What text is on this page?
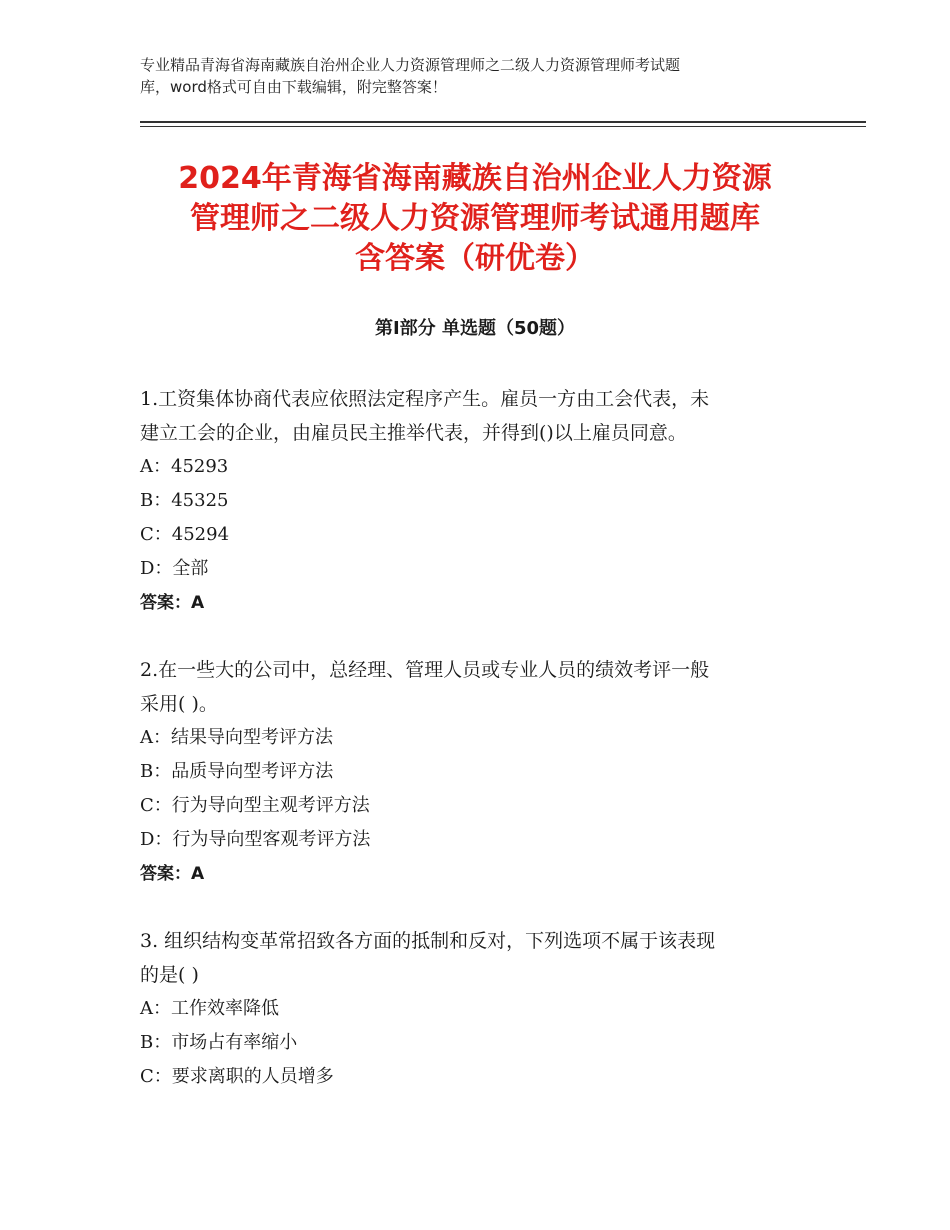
专业精品青海省海南藏族自治州企业人力资源管理师之二级人力资源管理师考试题
库，word格式可自由下载编辑，附完整答案！
2024年青海省海南藏族自治州企业人力资源
管理师之二级人力资源管理师考试通用题库
含答案（研优卷）
第Ⅰ部分 单选题（50题）
1.工资集体协商代表应依照法定程序产生。雇员一方由工会代表，未
建立工会的企业，由雇员民主推举代表，并得到()以上雇员同意。
A：45293
B：45325
C：45294
D：全部
答案：A
2.在一些大的公司中，总经理、管理人员或专业人员的绩效考评一般
采用( )。
A：结果导向型考评方法
B：品质导向型考评方法
C：行为导向型主观考评方法
D：行为导向型客观考评方法
答案：A
3. 组织结构变革常招致各方面的抵制和反对，下列选项不属于该表现
的是( )
A：工作效率降低
B：市场占有率缩小
C：要求离职的人员增多
